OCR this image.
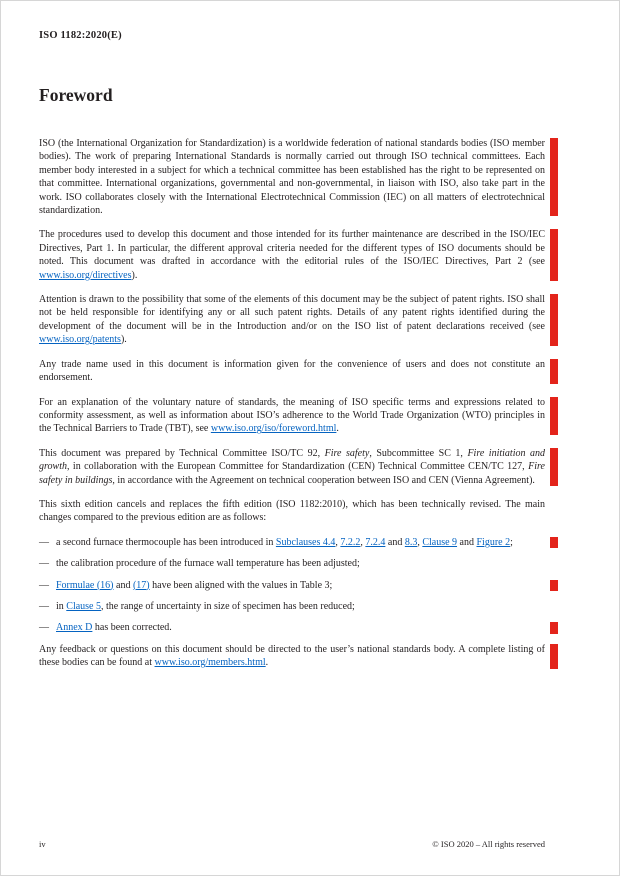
ISO 1182:2020(E)
Foreword

ISO (the International Organization for Standardization) is a worldwide federation of national standards bodies (ISO member bodies). The work of preparing International Standards is normally carried out through ISO technical committees. Each member body interested in a subject for which a technical committee has been established has the right to be represented on that committee. International organizations, governmental and non-governmental, in liaison with ISO, also take part in the work. ISO collaborates closely with the International Electrotechnical Commission (IEC) on all matters of electrotechnical standardization.

The procedures used to develop this document and those intended for its further maintenance are described in the ISO/IEC Directives, Part 1. In particular, the different approval criteria needed for the different types of ISO documents should be noted. This document was drafted in accordance with the editorial rules of the ISO/IEC Directives, Part 2 (see www.iso.org/directives).

Attention is drawn to the possibility that some of the elements of this document may be the subject of patent rights. ISO shall not be held responsible for identifying any or all such patent rights. Details of any patent rights identified during the development of the document will be in the Introduction and/or on the ISO list of patent declarations received (see www.iso.org/patents).

Any trade name used in this document is information given for the convenience of users and does not constitute an endorsement.

For an explanation of the voluntary nature of standards, the meaning of ISO specific terms and expressions related to conformity assessment, as well as information about ISO’s adherence to the World Trade Organization (WTO) principles in the Technical Barriers to Trade (TBT), see www.iso.org/iso/foreword.html.

This document was prepared by Technical Committee ISO/TC 92, Fire safety, Subcommittee SC 1, Fire initiation and growth, in collaboration with the European Committee for Standardization (CEN) Technical Committee CEN/TC 127, Fire safety in buildings, in accordance with the Agreement on technical cooperation between ISO and CEN (Vienna Agreement).

This sixth edition cancels and replaces the fifth edition (ISO 1182:2010), which has been technically revised. The main changes compared to the previous edition are as follows:

— a second furnace thermocouple has been introduced in Subclauses 4.4, 7.2.2, 7.2.4 and 8.3, Clause 9 and Figure 2;

— the calibration procedure of the furnace wall temperature has been adjusted;

— Formulae (16) and (17) have been aligned with the values in Table 3;

— in Clause 5, the range of uncertainty in size of specimen has been reduced;

— Annex D has been corrected.

Any feedback or questions on this document should be directed to the user’s national standards body. A complete listing of these bodies can be found at www.iso.org/members.html.

iv	© ISO 2020 – All rights reserved
